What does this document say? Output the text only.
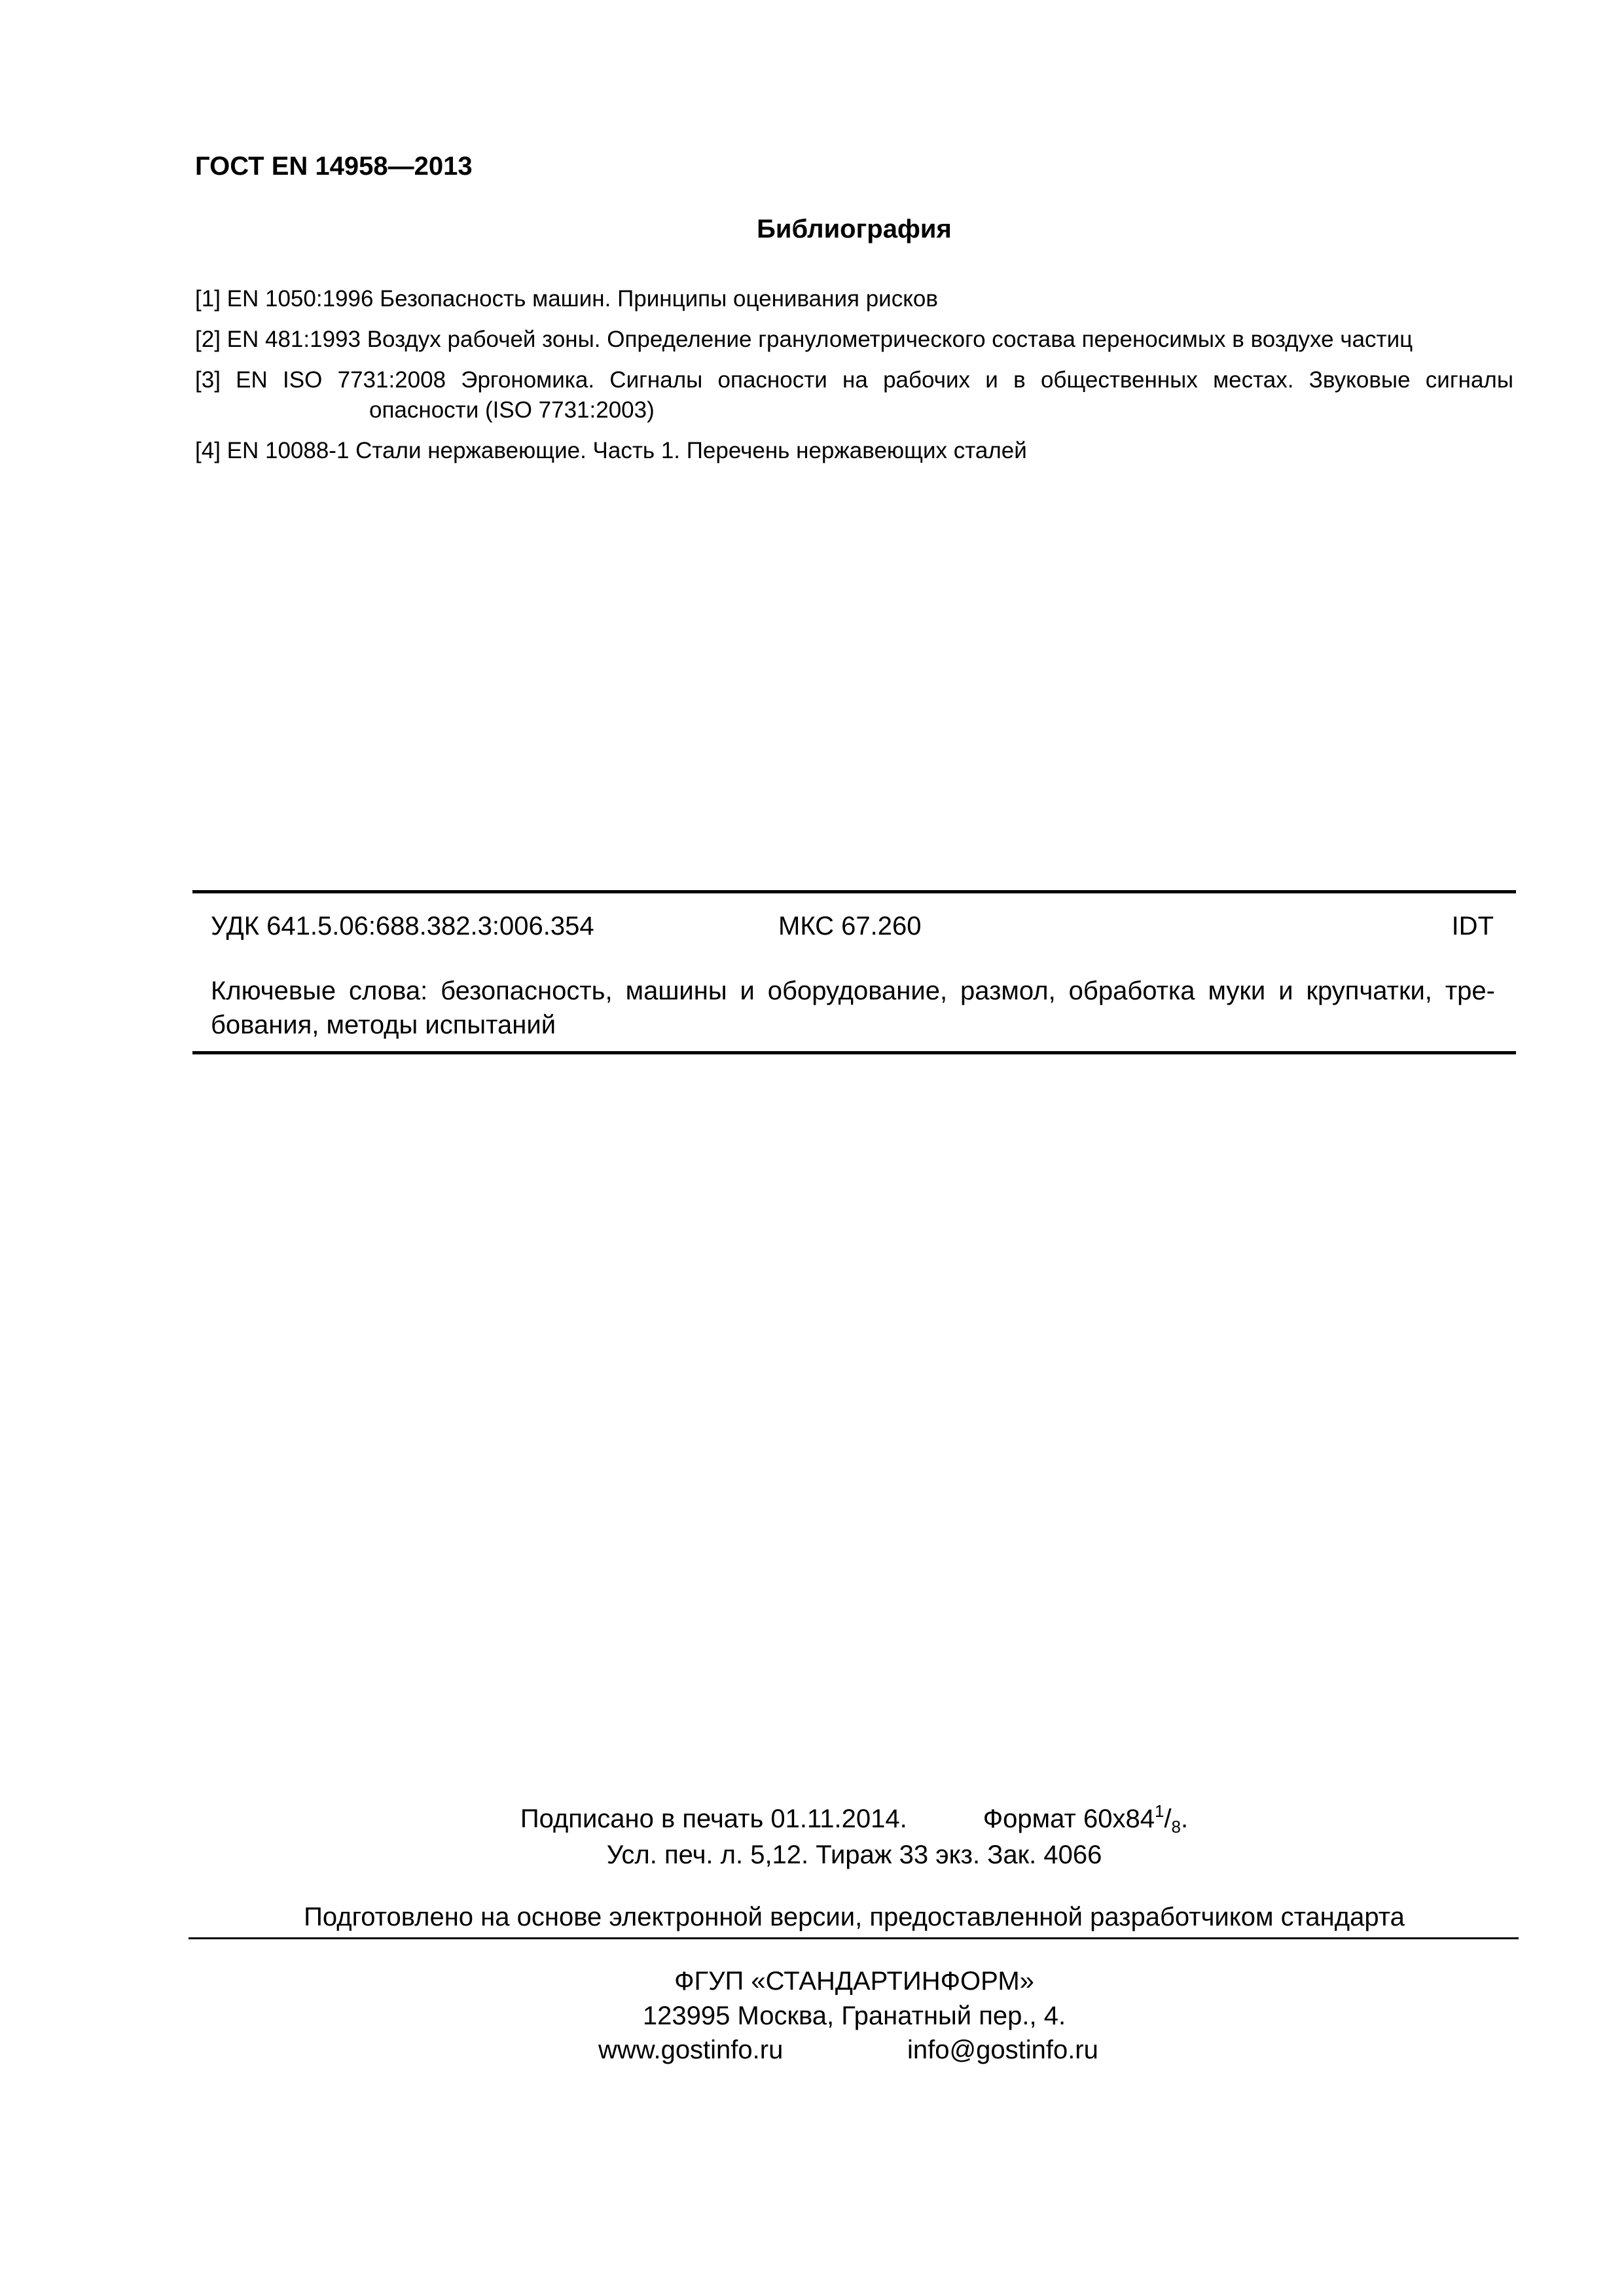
ГОСТ EN 14958—2013
Библиография
[1] EN 1050:1996 Безопасность машин. Принципы оценивания рисков
[2] EN 481:1993 Воздух рабочей зоны. Определение гранулометрического состава переносимых в воздухе частиц
[3] EN ISO 7731:2008 Эргономика. Сигналы опасности на рабочих и в общественных местах. Звуковые сигналы
опасности (ISO 7731:2003)
[4] EN 10088-1 Стали нержавеющие. Часть 1. Перечень нержавеющих сталей
УДК 641.5.06:688.382.3:006.354	МКС 67.260	IDT
Ключевые слова: безопасность, машины и оборудование, размол, обработка муки и крупчатки, тре-
бования, методы испытаний
Подписано в печать 01.11.2014.	Формат $60x84^1/_8$.
Усл. печ. л. 5,12. Тираж 33 экз. Зак. 4066
Подготовлено на основе электронной версии, предоставленной разработчиком стандарта
ФГУП «СТАНДАРТИНФОРМ»
123995 Москва, Гранатный пер., 4.
www.gostinfo.ru	info@gostinfo.ru
